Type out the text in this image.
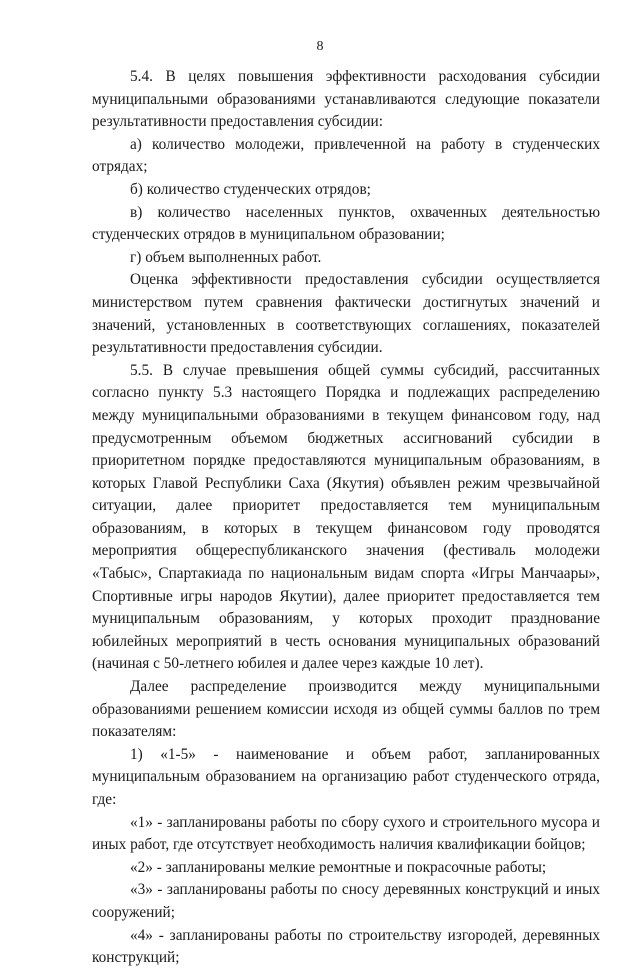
8

5.4. В целях повышения эффективности расходования субсидии муниципальными образованиями устанавливаются следующие показатели результативности предоставления субсидии:

а) количество молодежи, привлеченной на работу в студенческих отрядах;

б) количество студенческих отрядов;

в) количество населенных пунктов, охваченных деятельностью студенческих отрядов в муниципальном образовании;

г) объем выполненных работ.

Оценка эффективности предоставления субсидии осуществляется министерством путем сравнения фактически достигнутых значений и значений, установленных в соответствующих соглашениях, показателей результативности предоставления субсидии.

5.5. В случае превышения общей суммы субсидий, рассчитанных согласно пункту 5.3 настоящего Порядка и подлежащих распределению между муниципальными образованиями в текущем финансовом году, над предусмотренным объемом бюджетных ассигнований субсидии в приоритетном порядке предоставляются муниципальным образованиям, в которых Главой Республики Саха (Якутия) объявлен режим чрезвычайной ситуации, далее приоритет предоставляется тем муниципальным образованиям, в которых в текущем финансовом году проводятся мероприятия общереспубликанского значения (фестиваль молодежи «Табыс», Спартакиада по национальным видам спорта «Игры Манчаары», Спортивные игры народов Якутии), далее приоритет предоставляется тем муниципальным образованиям, у которых проходит празднование юбилейных мероприятий в честь основания муниципальных образований (начиная с 50-летнего юбилея и далее через каждые 10 лет).

Далее распределение производится между муниципальными образованиями решением комиссии исходя из общей суммы баллов по трем показателям:

1) «1-5» - наименование и объем работ, запланированных муниципальным образованием на организацию работ студенческого отряда, где:

«1» - запланированы работы по сбору сухого и строительного мусора и иных работ, где отсутствует необходимость наличия квалификации бойцов;

«2» - запланированы мелкие ремонтные и покрасочные работы;

«3» - запланированы работы по сносу деревянных конструкций и иных сооружений;

«4» - запланированы работы по строительству изгородей, деревянных конструкций;
